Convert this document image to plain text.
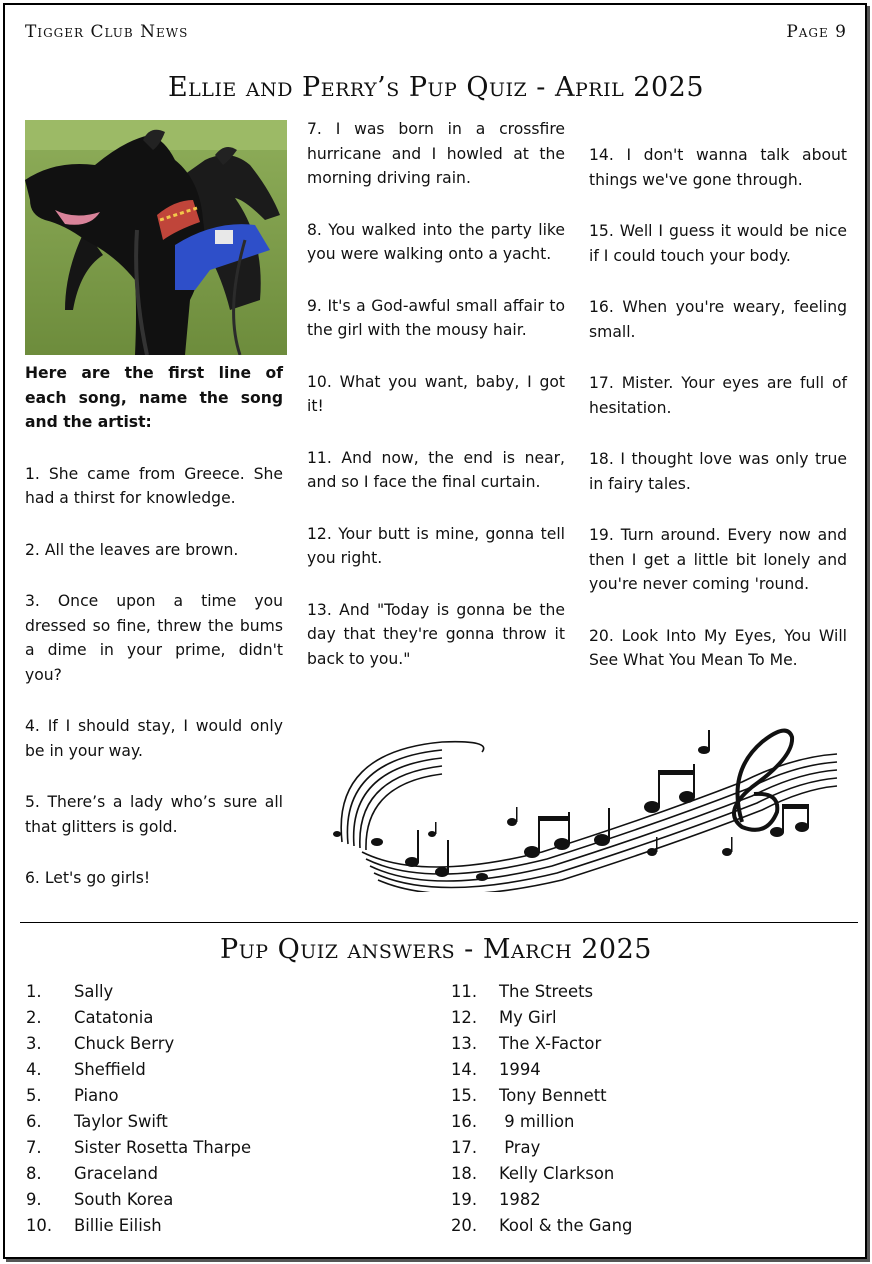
Tigger Club News	Page 9
Ellie and Perry’s Pup Quiz - April 2025

Here are the first line of each song, name the song and the artist:

1. She came from Greece. She had a thirst for knowledge.

2. All the leaves are brown.

3. Once upon a time you dressed so fine, threw the bums a dime in your prime, didn't you?

4. If I should stay, I would only be in your way.

5. There’s a lady who’s sure all that glitters is gold.

6. Let's go girls!

7. I was born in a crossfire hurricane and I howled at the morning driving rain.

8. You walked into the party like you were walking onto a yacht.

9. It's a God-awful small affair to the girl with the mousy hair.

10. What you want, baby, I got it!

11. And now, the end is near, and so I face the final curtain.

12. Your butt is mine, gonna tell you right.

13. And "Today is gonna be the day that they're gonna throw it back to you."

14. I don't wanna talk about things we've gone through.

15. Well I guess it would be nice if I could touch your body.

16. When you're weary, feeling small.

17. Mister. Your eyes are full of hesitation.

18. I thought love was only true in fairy tales.

19. Turn around. Every now and then I get a little bit lonely and you're never coming 'round.

20. Look Into My Eyes, You Will See What You Mean To Me.

Pup Quiz answers - March 2025
1.	Sally
2.	Catatonia
3.	Chuck Berry
4.	Sheffield
5.	Piano
6.	Taylor Swift
7.	Sister Rosetta Tharpe
8.	Graceland
9.	South Korea
10.	Billie Eilish
11.	The Streets
12.	My Girl
13.	The X-Factor
14.	1994
15.	Tony Bennett
16.	9 million
17.	Pray
18.	Kelly Clarkson
19.	1982
20.	Kool & the Gang
